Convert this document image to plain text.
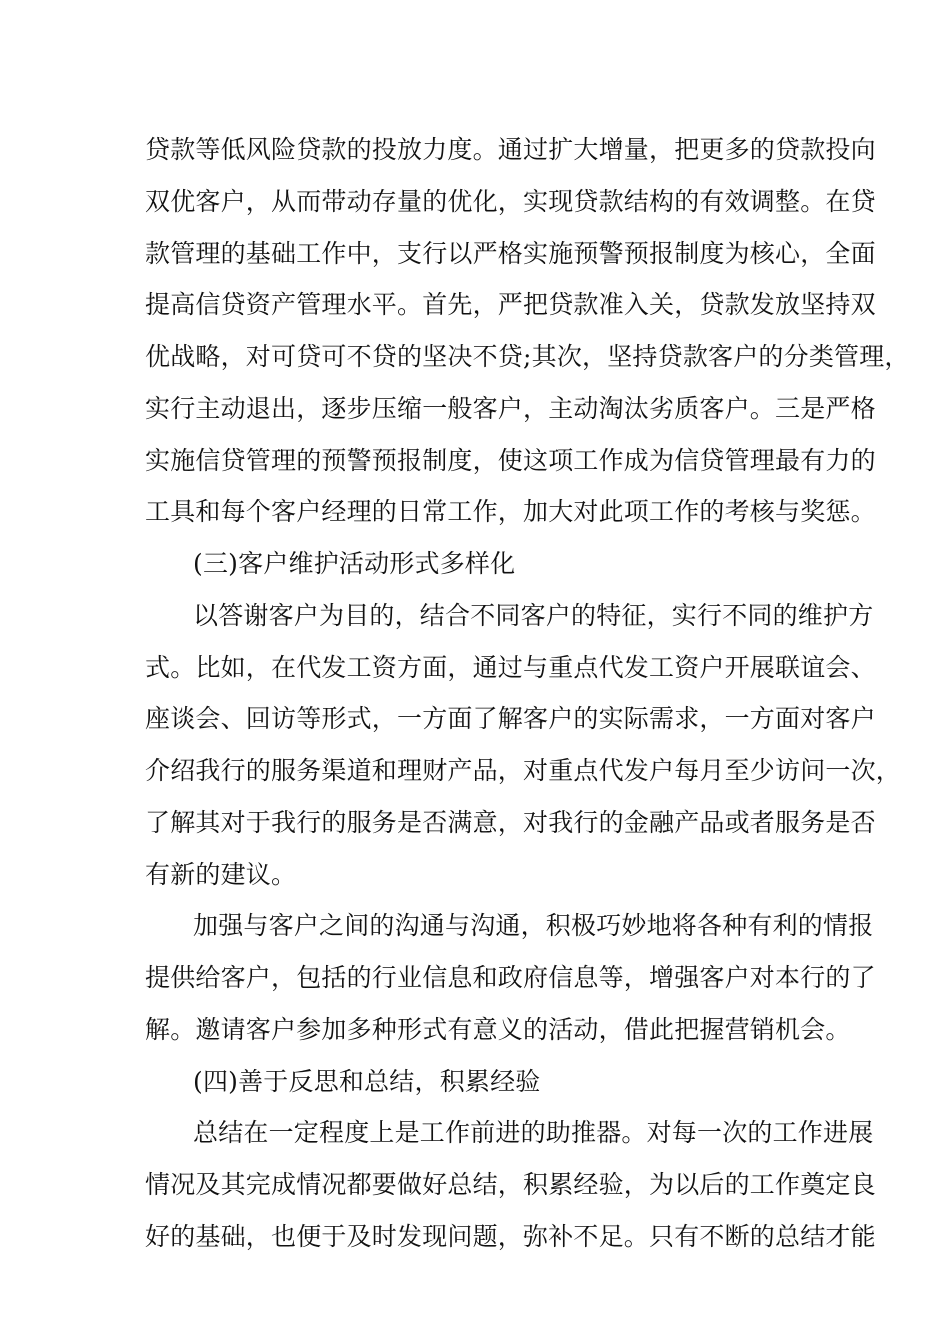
贷款等低风险贷款的投放力度。通过扩大增量，把更多的贷款投向
双优客户，从而带动存量的优化，实现贷款结构的有效调整。在贷
款管理的基础工作中，支行以严格实施预警预报制度为核心，全面
提高信贷资产管理水平。首先，严把贷款准入关，贷款发放坚持双
优战略，对可贷可不贷的坚决不贷;其次，坚持贷款客户的分类管理，
实行主动退出，逐步压缩一般客户，主动淘汰劣质客户。三是严格
实施信贷管理的预警预报制度，使这项工作成为信贷管理最有力的
工具和每个客户经理的日常工作，加大对此项工作的考核与奖惩。
(三)客户维护活动形式多样化
以答谢客户为目的，结合不同客户的特征，实行不同的维护方
式。比如，在代发工资方面，通过与重点代发工资户开展联谊会、
座谈会、回访等形式，一方面了解客户的实际需求，一方面对客户
介绍我行的服务渠道和理财产品，对重点代发户每月至少访问一次，
了解其对于我行的服务是否满意，对我行的金融产品或者服务是否
有新的建议。
加强与客户之间的沟通与沟通，积极巧妙地将各种有利的情报
提供给客户，包括的行业信息和政府信息等，增强客户对本行的了
解。邀请客户参加多种形式有意义的活动，借此把握营销机会。
(四)善于反思和总结，积累经验
总结在一定程度上是工作前进的助推器。对每一次的工作进展
情况及其完成情况都要做好总结，积累经验，为以后的工作奠定良
好的基础，也便于及时发现问题，弥补不足。只有不断的总结才能
